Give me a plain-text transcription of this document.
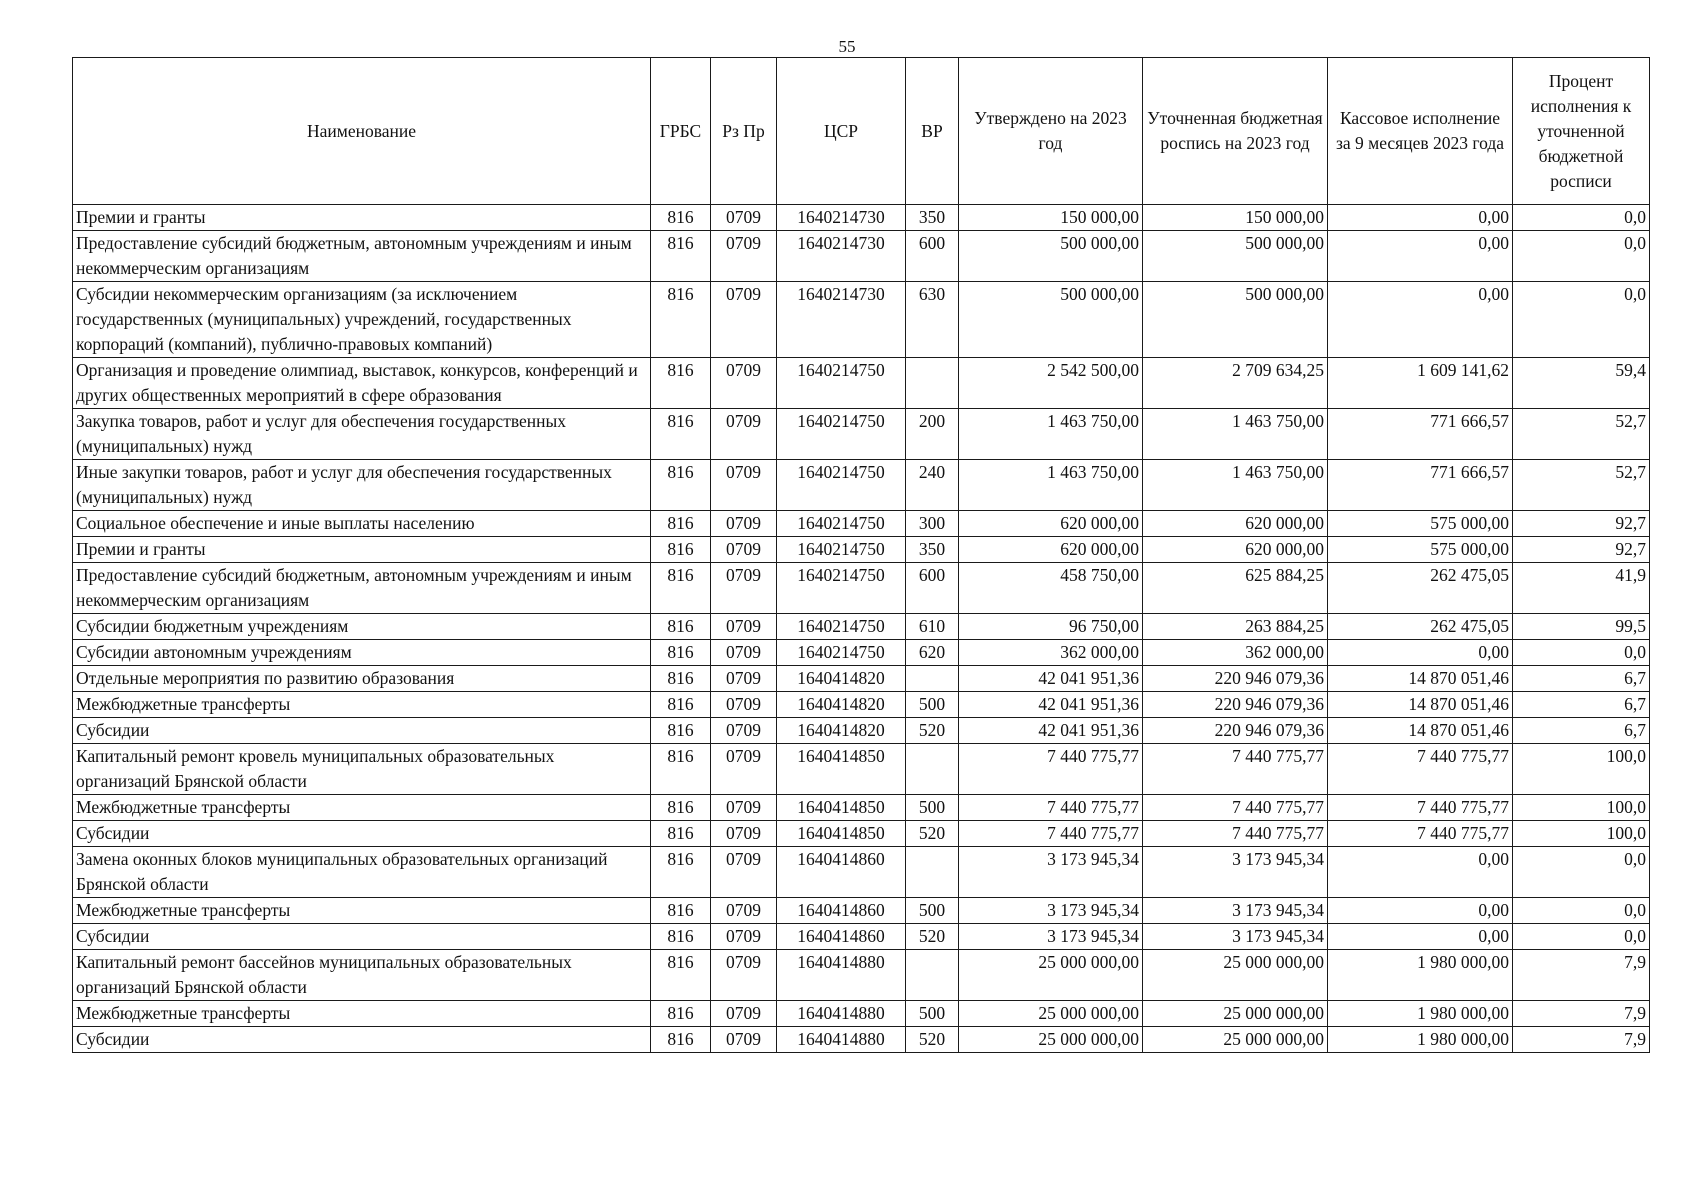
55
Наименование	ГРБС	Рз Пр	ЦСР	ВР	Утверждено на 2023 год	Уточненная бюджетная роспись на 2023 год	Кассовое исполнение за 9 месяцев 2023 года	Процент исполнения к уточненной бюджетной росписи
Премии и гранты	816	0709	1640214730	350	150 000,00	150 000,00	0,00	0,0
Предоставление субсидий бюджетным, автономным учреждениям и иным некоммерческим организациям	816	0709	1640214730	600	500 000,00	500 000,00	0,00	0,0
Субсидии некоммерческим организациям (за исключением государственных (муниципальных) учреждений, государственных корпораций (компаний), публично-правовых компаний)	816	0709	1640214730	630	500 000,00	500 000,00	0,00	0,0
Организация и проведение олимпиад, выставок, конкурсов, конференций и других общественных мероприятий в сфере образования	816	0709	1640214750		2 542 500,00	2 709 634,25	1 609 141,62	59,4
Закупка товаров, работ и услуг для обеспечения государственных (муниципальных) нужд	816	0709	1640214750	200	1 463 750,00	1 463 750,00	771 666,57	52,7
Иные закупки товаров, работ и услуг для обеспечения государственных (муниципальных) нужд	816	0709	1640214750	240	1 463 750,00	1 463 750,00	771 666,57	52,7
Социальное обеспечение и иные выплаты населению	816	0709	1640214750	300	620 000,00	620 000,00	575 000,00	92,7
Премии и гранты	816	0709	1640214750	350	620 000,00	620 000,00	575 000,00	92,7
Предоставление субсидий бюджетным, автономным учреждениям и иным некоммерческим организациям	816	0709	1640214750	600	458 750,00	625 884,25	262 475,05	41,9
Субсидии бюджетным учреждениям	816	0709	1640214750	610	96 750,00	263 884,25	262 475,05	99,5
Субсидии автономным учреждениям	816	0709	1640214750	620	362 000,00	362 000,00	0,00	0,0
Отдельные мероприятия по развитию образования	816	0709	1640414820		42 041 951,36	220 946 079,36	14 870 051,46	6,7
Межбюджетные трансферты	816	0709	1640414820	500	42 041 951,36	220 946 079,36	14 870 051,46	6,7
Субсидии	816	0709	1640414820	520	42 041 951,36	220 946 079,36	14 870 051,46	6,7
Капитальный ремонт кровель муниципальных образовательных организаций Брянской области	816	0709	1640414850		7 440 775,77	7 440 775,77	7 440 775,77	100,0
Межбюджетные трансферты	816	0709	1640414850	500	7 440 775,77	7 440 775,77	7 440 775,77	100,0
Субсидии	816	0709	1640414850	520	7 440 775,77	7 440 775,77	7 440 775,77	100,0
Замена оконных блоков муниципальных образовательных организаций Брянской области	816	0709	1640414860		3 173 945,34	3 173 945,34	0,00	0,0
Межбюджетные трансферты	816	0709	1640414860	500	3 173 945,34	3 173 945,34	0,00	0,0
Субсидии	816	0709	1640414860	520	3 173 945,34	3 173 945,34	0,00	0,0
Капитальный ремонт бассейнов муниципальных образовательных организаций Брянской области	816	0709	1640414880		25 000 000,00	25 000 000,00	1 980 000,00	7,9
Межбюджетные трансферты	816	0709	1640414880	500	25 000 000,00	25 000 000,00	1 980 000,00	7,9
Субсидии	816	0709	1640414880	520	25 000 000,00	25 000 000,00	1 980 000,00	7,9
